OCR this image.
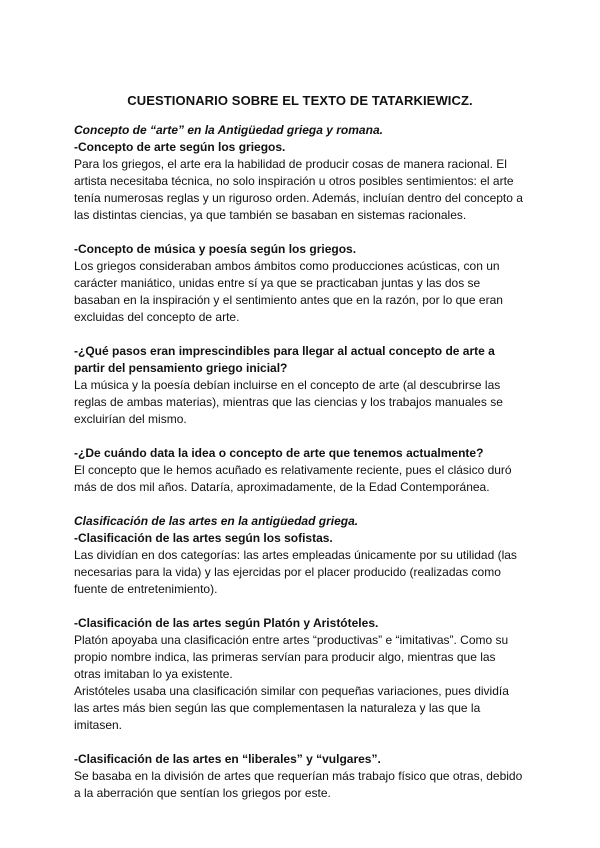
CUESTIONARIO SOBRE EL TEXTO DE TATARKIEWICZ.

Concepto de “arte” en la Antigüedad griega y romana.

-Concepto de arte según los griegos.

Para los griegos, el arte era la habilidad de producir cosas de manera racional. El

artista necesitaba técnica, no solo inspiración u otros posibles sentimientos: el arte

tenía numerosas reglas y un riguroso orden. Además, incluían dentro del concepto a

las distintas ciencias, ya que también se basaban en sistemas racionales.

-Concepto de música y poesía según los griegos.

Los griegos consideraban ambos ámbitos como producciones acústicas, con un

carácter maniático, unidas entre sí ya que se practicaban juntas y las dos se

basaban en la inspiración y el sentimiento antes que en la razón, por lo que eran

excluidas del concepto de arte.

-¿Qué pasos eran imprescindibles para llegar al actual concepto de arte a

partir del pensamiento griego inicial?

La música y la poesía debían incluirse en el concepto de arte (al descubrirse las

reglas de ambas materias), mientras que las ciencias y los trabajos manuales se

excluirían del mismo.

-¿De cuándo data la idea o concepto de arte que tenemos actualmente?

El concepto que le hemos acuñado es relativamente reciente, pues el clásico duró

más de dos mil años. Dataría, aproximadamente, de la Edad Contemporánea.

Clasificación de las artes en la antigüedad griega.

-Clasificación de las artes según los sofistas.

Las dividían en dos categorías: las artes empleadas únicamente por su utilidad (las

necesarias para la vida) y las ejercidas por el placer producido (realizadas como

fuente de entretenimiento).

-Clasificación de las artes según Platón y Aristóteles.

Platón apoyaba una clasificación entre artes “productivas” e “imitativas”. Como su

propio nombre indica, las primeras servían para producir algo, mientras que las

otras imitaban lo ya existente.

Aristóteles usaba una clasificación similar con pequeñas variaciones, pues dividía

las artes más bien según las que complementasen la naturaleza y las que la

imitasen.

-Clasificación de las artes en “liberales” y “vulgares”.

Se basaba en la división de artes que requerían más trabajo físico que otras, debido

a la aberración que sentían los griegos por este.
